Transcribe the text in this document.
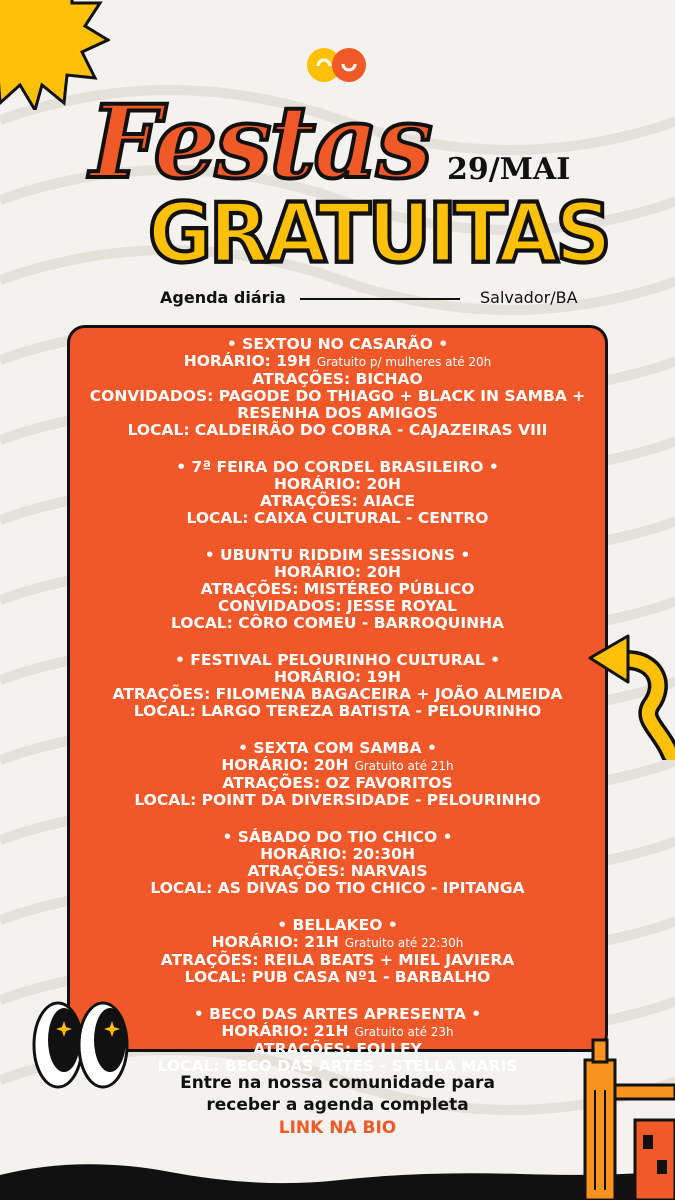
Festas 29/MAI
GRATUITAS
Agenda diária	Salvador/BA
• SEXTOU NO CASARÃO •
HORÁRIO: 19H Gratuito p/ mulheres até 20h
ATRAÇÕES: BICHAO
CONVIDADOS: PAGODE DO THIAGO + BLACK IN SAMBA +
RESENHA DOS AMIGOS
LOCAL: CALDEIRÃO DO COBRA - CAJAZEIRAS VIII
• 7ª FEIRA DO CORDEL BRASILEIRO •
HORÁRIO: 20H
ATRAÇÕES: AIACE
LOCAL: CAIXA CULTURAL - CENTRO
• UBUNTU RIDDIM SESSIONS •
HORÁRIO: 20H
ATRAÇÕES: MISTÉREO PÚBLICO
CONVIDADOS: JESSE ROYAL
LOCAL: CÔRO COMEU - BARROQUINHA
• FESTIVAL PELOURINHO CULTURAL •
HORÁRIO: 19H
ATRAÇÕES: FILOMENA BAGACEIRA + JOÃO ALMEIDA
LOCAL: LARGO TEREZA BATISTA - PELOURINHO
• SEXTA COM SAMBA •
HORÁRIO: 20H Gratuito até 21h
ATRAÇÕES: OZ FAVORITOS
LOCAL: POINT DA DIVERSIDADE - PELOURINHO
• SÁBADO DO TIO CHICO •
HORÁRIO: 20:30H
ATRAÇÕES: NARVAIS
LOCAL: AS DIVAS DO TIO CHICO - IPITANGA
• BELLAKEO •
HORÁRIO: 21H Gratuito até 22:30h
ATRAÇÕES: REILA BEATS + MIEL JAVIERA
LOCAL: PUB CASA Nº1 - BARBALHO
• BECO DAS ARTES APRESENTA •
HORÁRIO: 21H Gratuito até 23h
ATRAÇÕES: FOLLEY
LOCAL: BECO DAS ARTES - STELLA MARIS
Entre na nossa comunidade para
receber a agenda completa
LINK NA BIO
